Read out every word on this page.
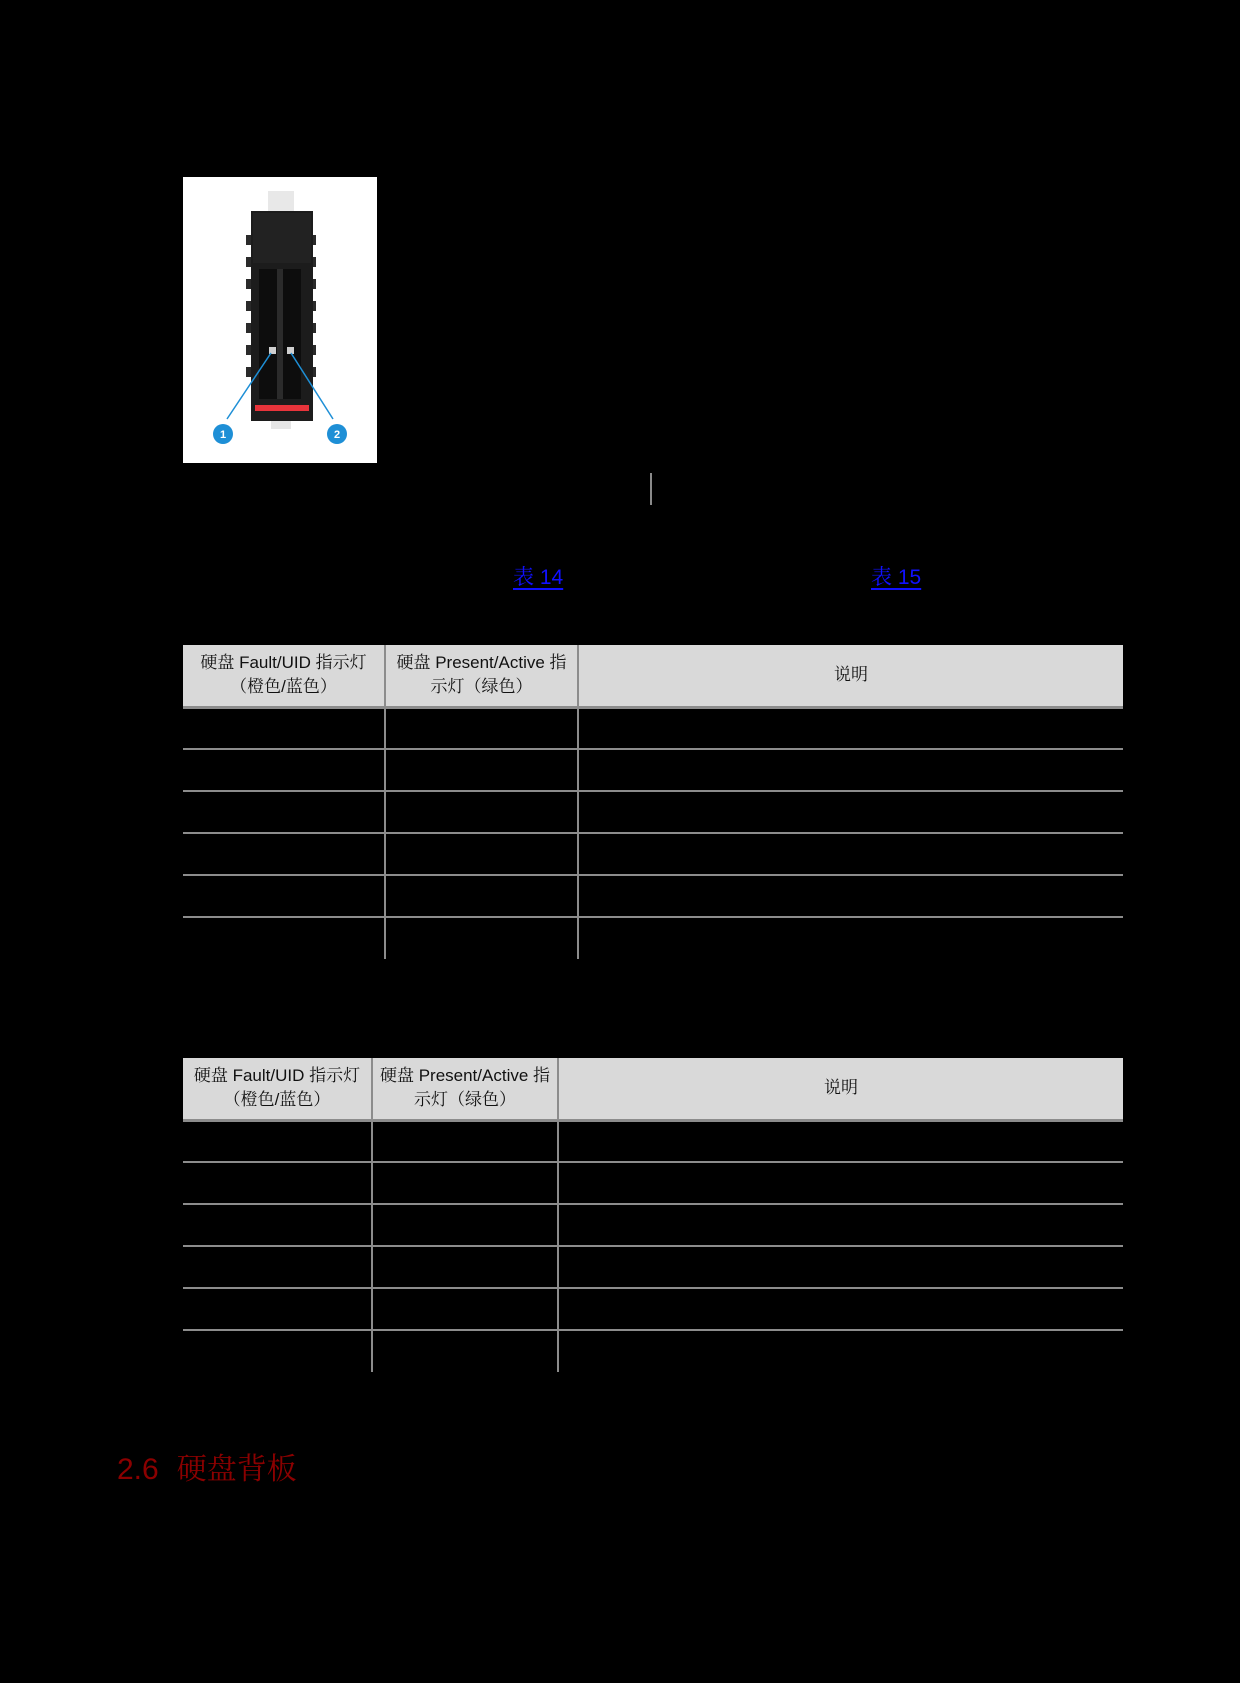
1	2
表 14	表 15
硬盘 Fault/UID 指示灯（橙色/蓝色）	硬盘 Present/Active 指示灯（绿色）	说明

硬盘 Fault/UID 指示灯（橙色/蓝色）	硬盘 Present/Active 指示灯（绿色）	说明

2.6 硬盘背板
